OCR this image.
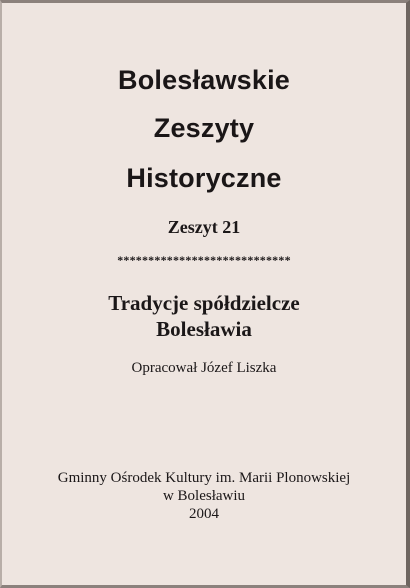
Bolesławskie
Zeszyty
Historyczne
Zeszyt 21
****************************
Tradycje spółdzielcze
Bolesławia
Opracował Józef Liszka
Gminny Ośrodek Kultury im. Marii Plonowskiej
w Bolesławiu
2004
